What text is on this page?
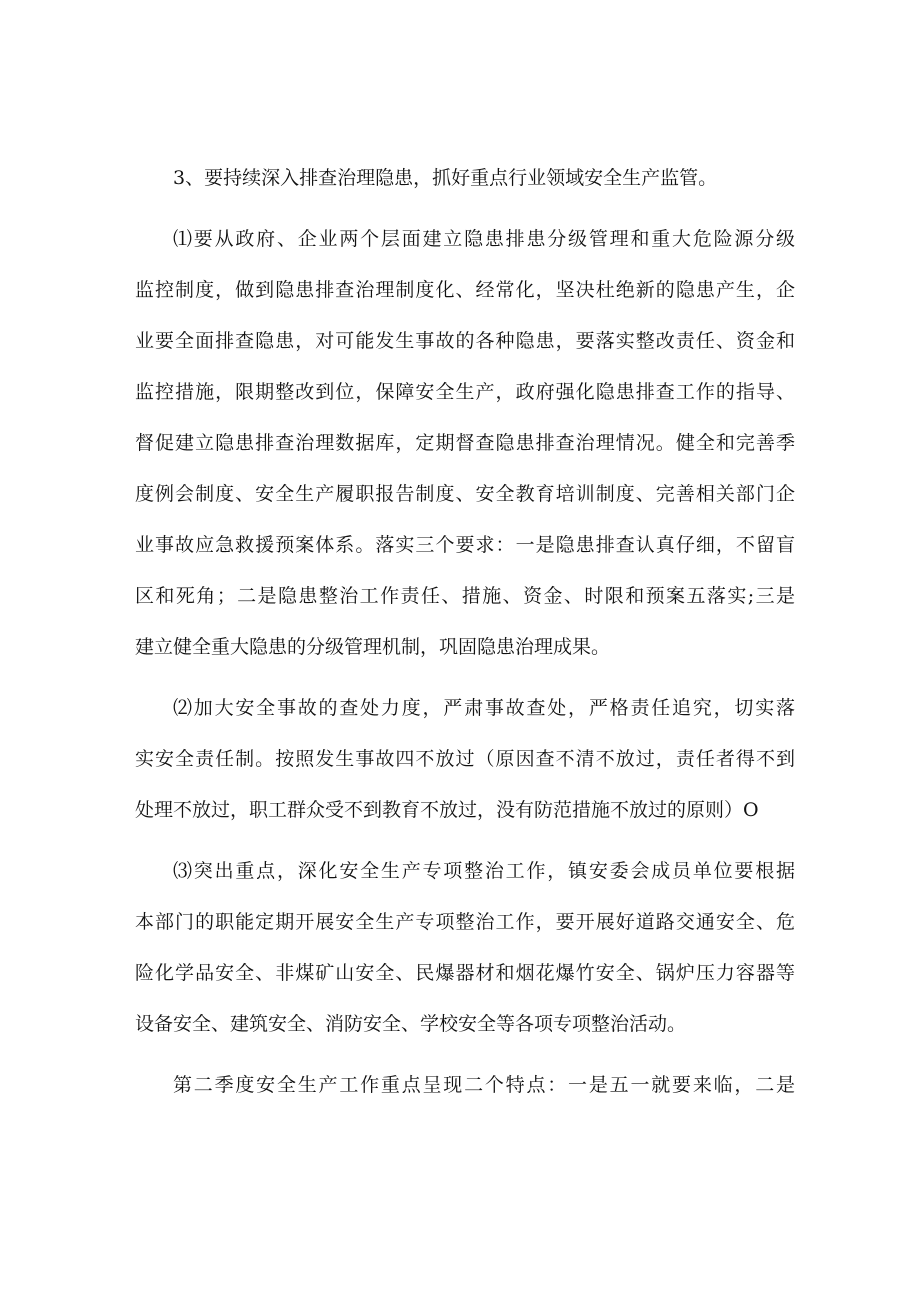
3、要持续深入排查治理隐患，抓好重点行业领域安全生产监管。
⑴要从政府、企业两个层面建立隐患排患分级管理和重大危险源分级
监控制度，做到隐患排查治理制度化、经常化，坚决杜绝新的隐患产生，企
业要全面排查隐患，对可能发生事故的各种隐患，要落实整改责任、资金和
监控措施，限期整改到位，保障安全生产，政府强化隐患排查工作的指导、
督促建立隐患排查治理数据库，定期督查隐患排查治理情况。健全和完善季
度例会制度、安全生产履职报告制度、安全教育培训制度、完善相关部门企
业事故应急救援预案体系。落实三个要求：一是隐患排查认真仔细，不留盲
区和死角；二是隐患整治工作责任、措施、资金、时限和预案五落实;三是
建立健全重大隐患的分级管理机制，巩固隐患治理成果。
⑵加大安全事故的查处力度，严肃事故查处，严格责任追究，切实落
实安全责任制。按照发生事故四不放过（原因查不清不放过，责任者得不到
处理不放过，职工群众受不到教育不放过，没有防范措施不放过的原则）O
⑶突出重点，深化安全生产专项整治工作，镇安委会成员单位要根据
本部门的职能定期开展安全生产专项整治工作，要开展好道路交通安全、危
险化学品安全、非煤矿山安全、民爆器材和烟花爆竹安全、锅炉压力容器等
设备安全、建筑安全、消防安全、学校安全等各项专项整治活动。
第二季度安全生产工作重点呈现二个特点：一是五一就要来临，二是
